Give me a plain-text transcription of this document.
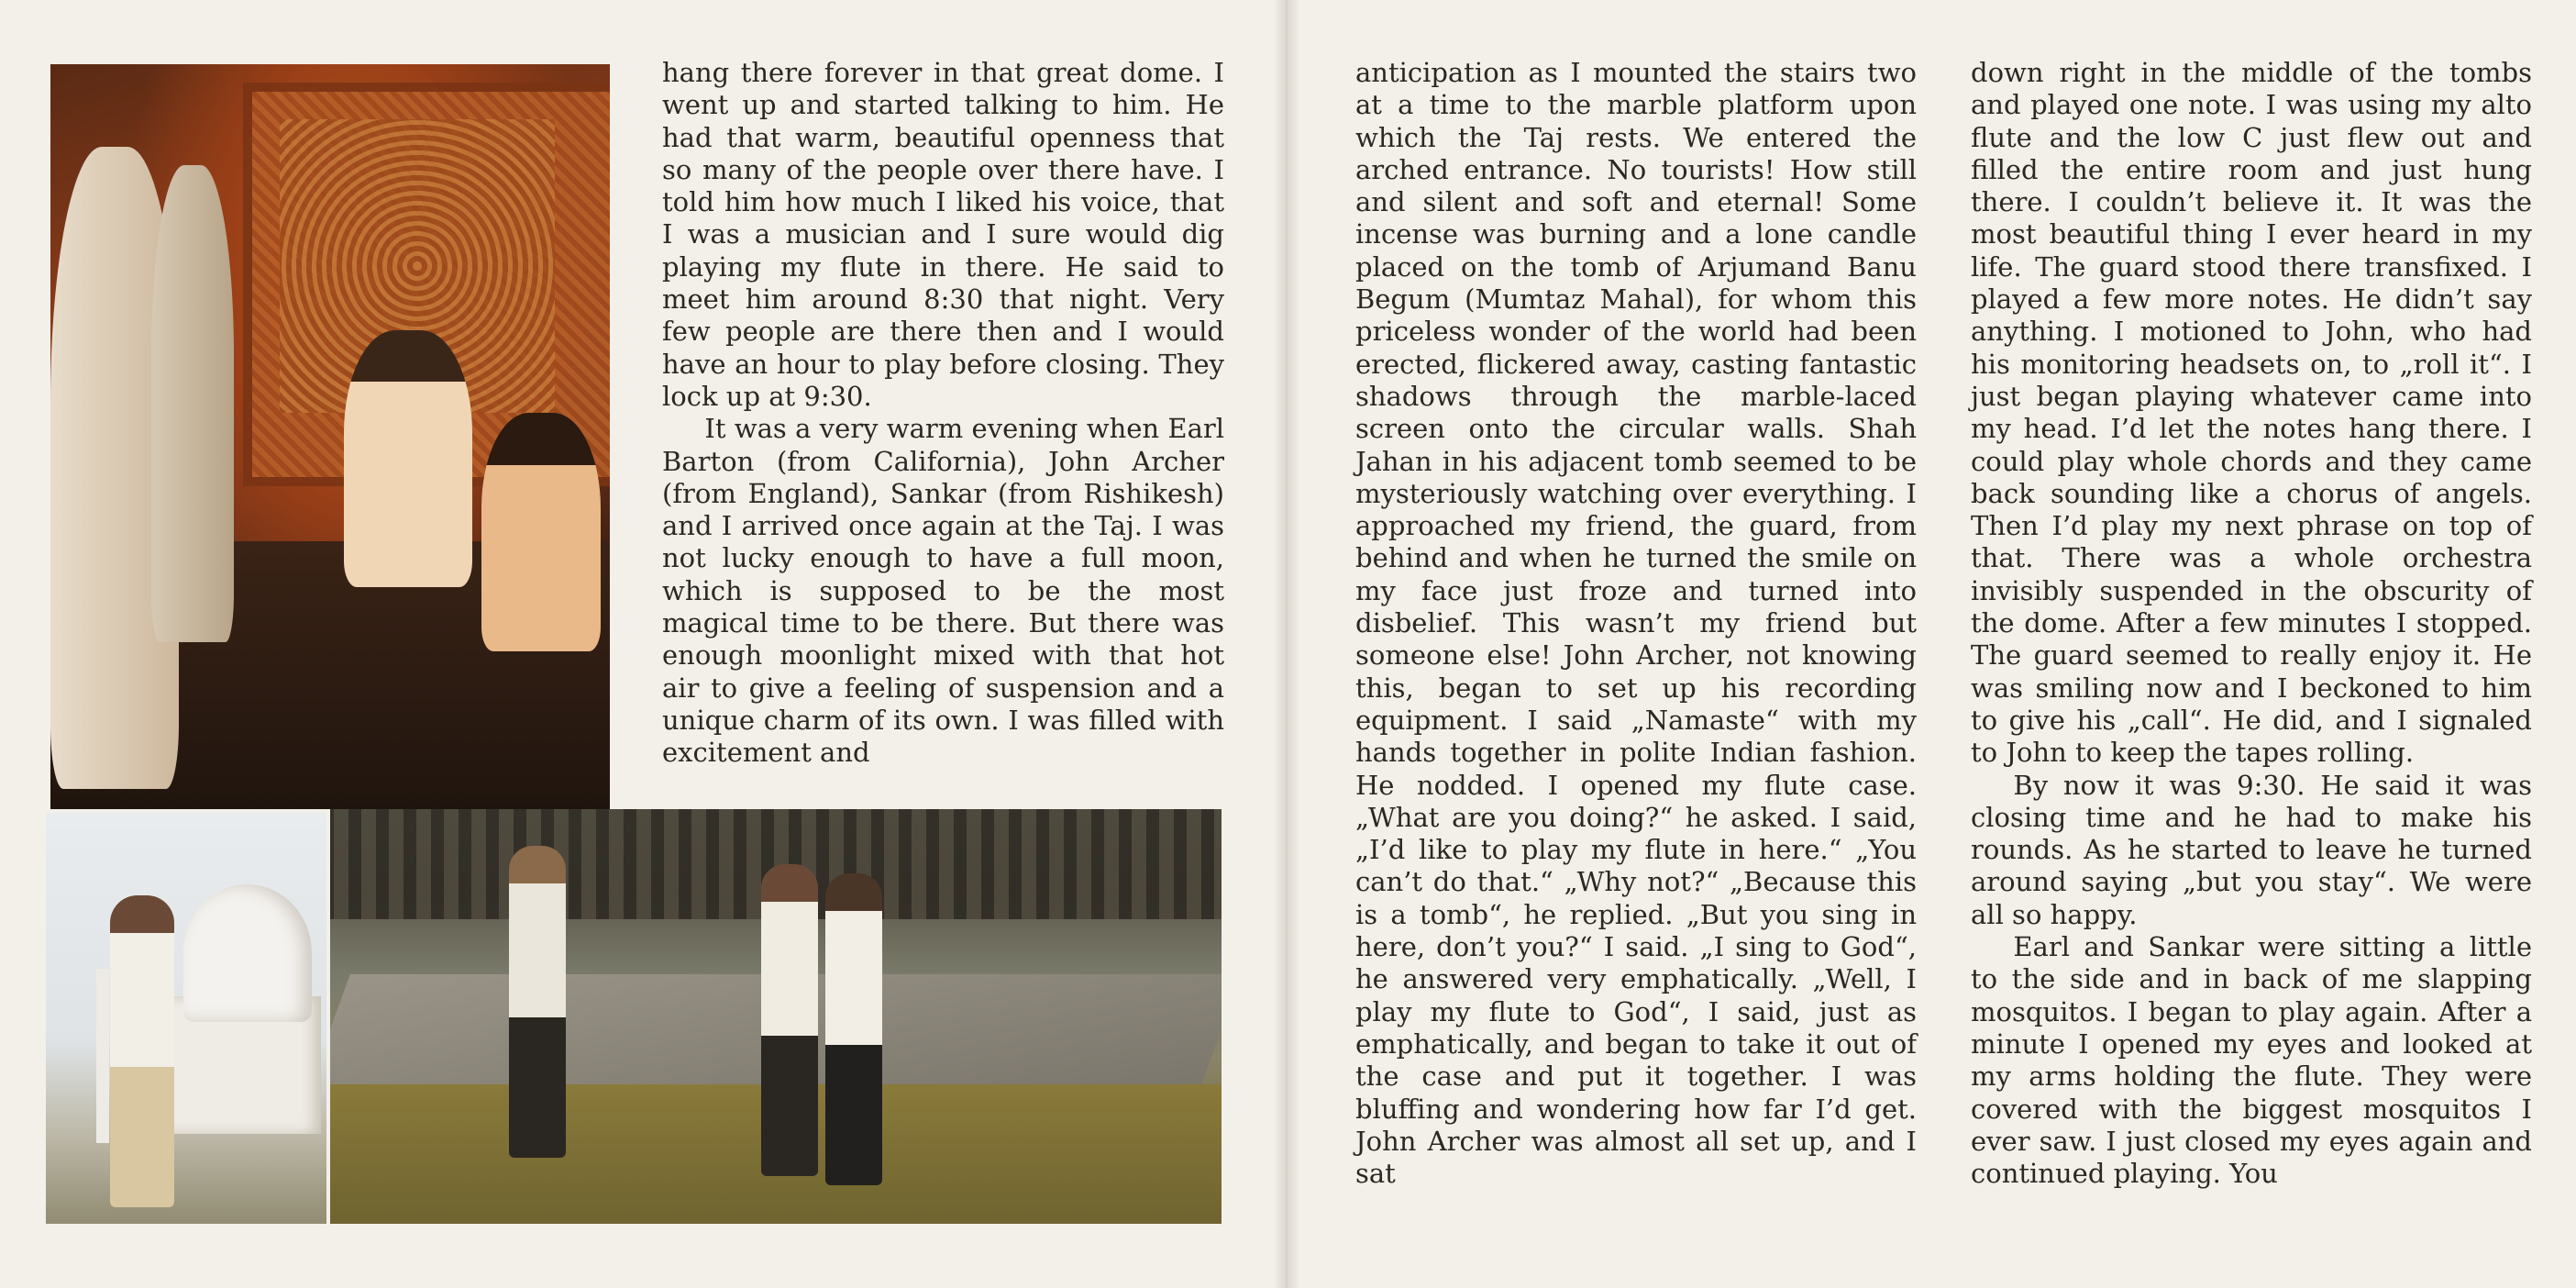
hang there forever in that great dome. I went up and started talking to him. He had that warm, beautiful openness that so many of the people over there have. I told him how much I liked his voice, that I was a musician and I sure would dig playing my flute in there. He said to meet him around 8:30 that night. Very few people are there then and I would have an hour to play before closing. They lock up at 9:30.

It was a very warm evening when Earl Barton (from California), John Archer (from England), Sankar (from Rishikesh) and I arrived once again at the Taj. I was not lucky enough to have a full moon, which is supposed to be the most magical time to be there. But there was enough moonlight mixed with that hot air to give a feeling of suspension and a unique charm of its own. I was filled with excitement and

anticipation as I mounted the stairs two at a time to the marble platform upon which the Taj rests. We entered the arched entrance. No tourists! How still and silent and soft and eternal! Some incense was burning and a lone candle placed on the tomb of Arjumand Banu Begum (Mumtaz Mahal), for whom this priceless wonder of the world had been erected, flickered away, casting fantastic shadows through the marble-laced screen onto the circular walls. Shah Jahan in his adjacent tomb seemed to be mysteriously watching over everything. I approached my friend, the guard, from behind and when he turned the smile on my face just froze and turned into disbelief. This wasn’t my friend but someone else! John Archer, not knowing this, began to set up his recording equipment. I said „Namaste“ with my hands together in polite Indian fashion. He nodded. I opened my flute case. „What are you doing?“ he asked. I said, „I’d like to play my flute in here.“ „You can’t do that.“ „Why not?“ „Because this is a tomb“, he replied. „But you sing in here, don’t you?“ I said. „I sing to God“, he answered very emphatically. „Well, I play my flute to God“, I said, just as emphatically, and began to take it out of the case and put it together. I was bluffing and wondering how far I’d get. John Archer was almost all set up, and I sat

down right in the middle of the tombs and played one note. I was using my alto flute and the low C just flew out and filled the entire room and just hung there. I couldn’t believe it. It was the most beautiful thing I ever heard in my life. The guard stood there transfixed. I played a few more notes. He didn’t say anything. I motioned to John, who had his monitoring headsets on, to „roll it“. I just began playing whatever came into my head. I’d let the notes hang there. I could play whole chords and they came back sounding like a chorus of angels. Then I’d play my next phrase on top of that. There was a whole orchestra invisibly suspended in the obscurity of the dome. After a few minutes I stopped. The guard seemed to really enjoy it. He was smiling now and I beckoned to him to give his „call“. He did, and I signaled to John to keep the tapes rolling.

By now it was 9:30. He said it was closing time and he had to make his rounds. As he started to leave he turned around saying „but you stay“. We were all so happy.

Earl and Sankar were sitting a little to the side and in back of me slapping mosquitos. I began to play again. After a minute I opened my eyes and looked at my arms holding the flute. They were covered with the biggest mosquitos I ever saw. I just closed my eyes again and continued playing. You
